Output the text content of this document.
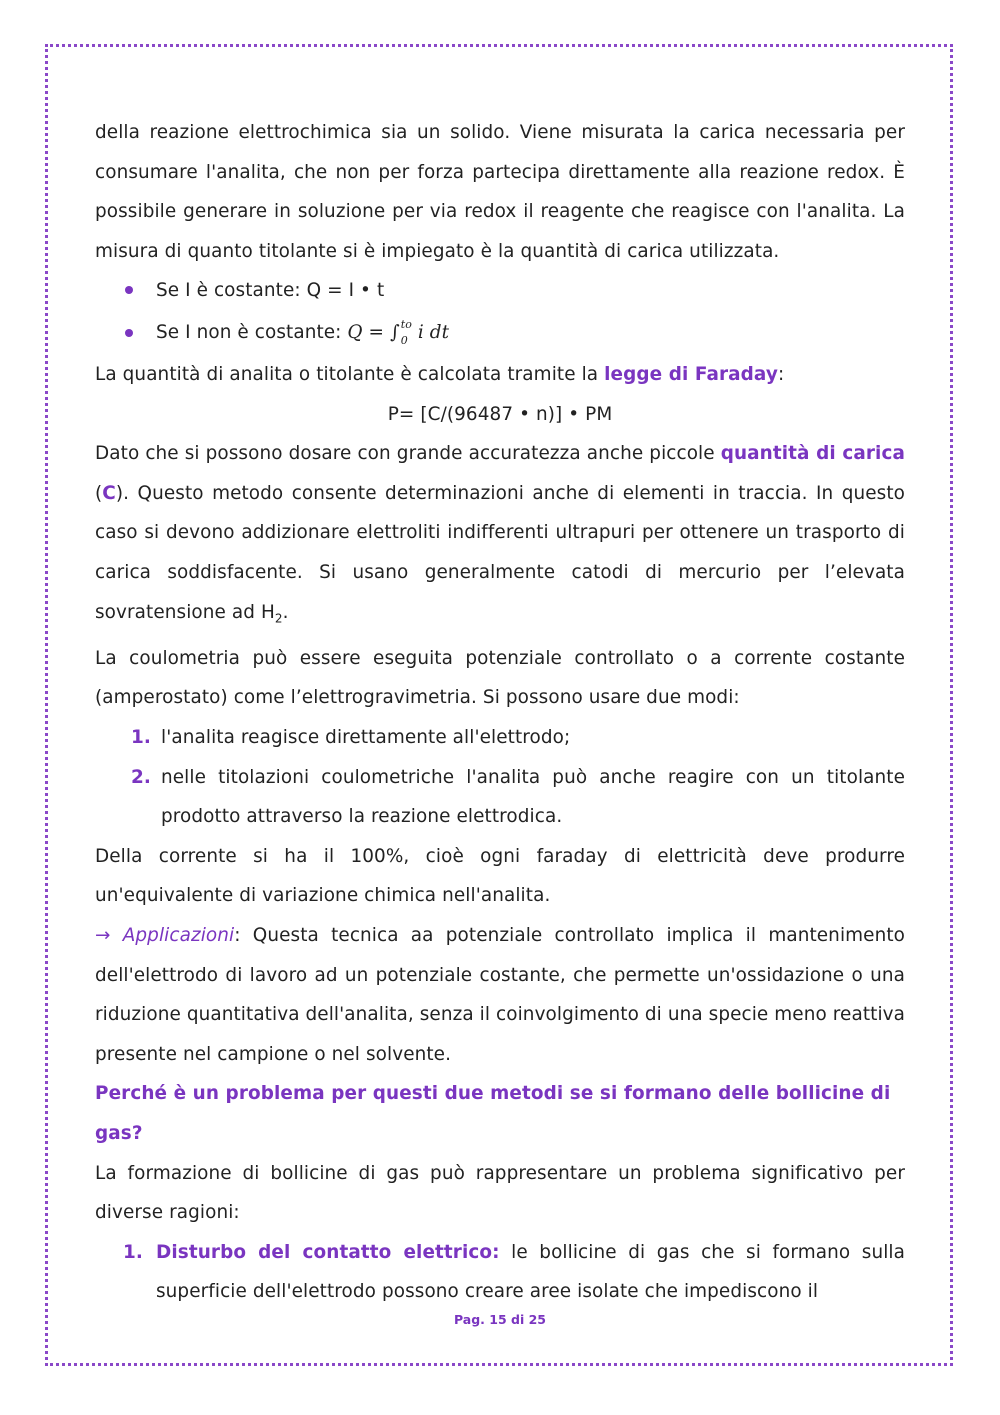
della reazione elettrochimica sia un solido. Viene misurata la carica necessaria per consumare l'analita, che non per forza partecipa direttamente alla reazione redox. È possibile generare in soluzione per via redox il reagente che reagisce con l'analita. La misura di quanto titolante si è impiegato è la quantità di carica utilizzata.

Se I è costante: Q = I • t
Se I non è costante: Q = ∫ to
0 i dt

La quantità di analita o titolante è calcolata tramite la legge di Faraday:

P= [C/(96487 • n)] • PM

Dato che si possono dosare con grande accuratezza anche piccole quantità di carica (C). Questo metodo consente determinazioni anche di elementi in traccia. In questo caso si devono addizionare elettroliti indifferenti ultrapuri per ottenere un trasporto di carica soddisfacente. Si usano generalmente catodi di mercurio per l’elevata sovratensione ad $H_2$.

La coulometria può essere eseguita potenziale controllato o a corrente costante (amperostato) come l’elettrogravimetria. Si possono usare due modi:

1. l'analita reagisce direttamente all'elettrodo;
2. nelle titolazioni coulometriche l'analita può anche reagire con un titolante prodotto attraverso la reazione elettrodica.

Della corrente si ha il 100%, cioè ogni faraday di elettricità deve produrre un'equivalente di variazione chimica nell'analita.

→ Applicazioni: Questa tecnica aa potenziale controllato implica il mantenimento dell'elettrodo di lavoro ad un potenziale costante, che permette un'ossidazione o una riduzione quantitativa dell'analita, senza il coinvolgimento di una specie meno reattiva presente nel campione o nel solvente.

Perché è un problema per questi due metodi se si formano delle bollicine di gas?

La formazione di bollicine di gas può rappresentare un problema significativo per diverse ragioni:

1. Disturbo del contatto elettrico: le bollicine di gas che si formano sulla superficie dell'elettrodo possono creare aree isolate che impediscono il
Pag. 15 di 25
